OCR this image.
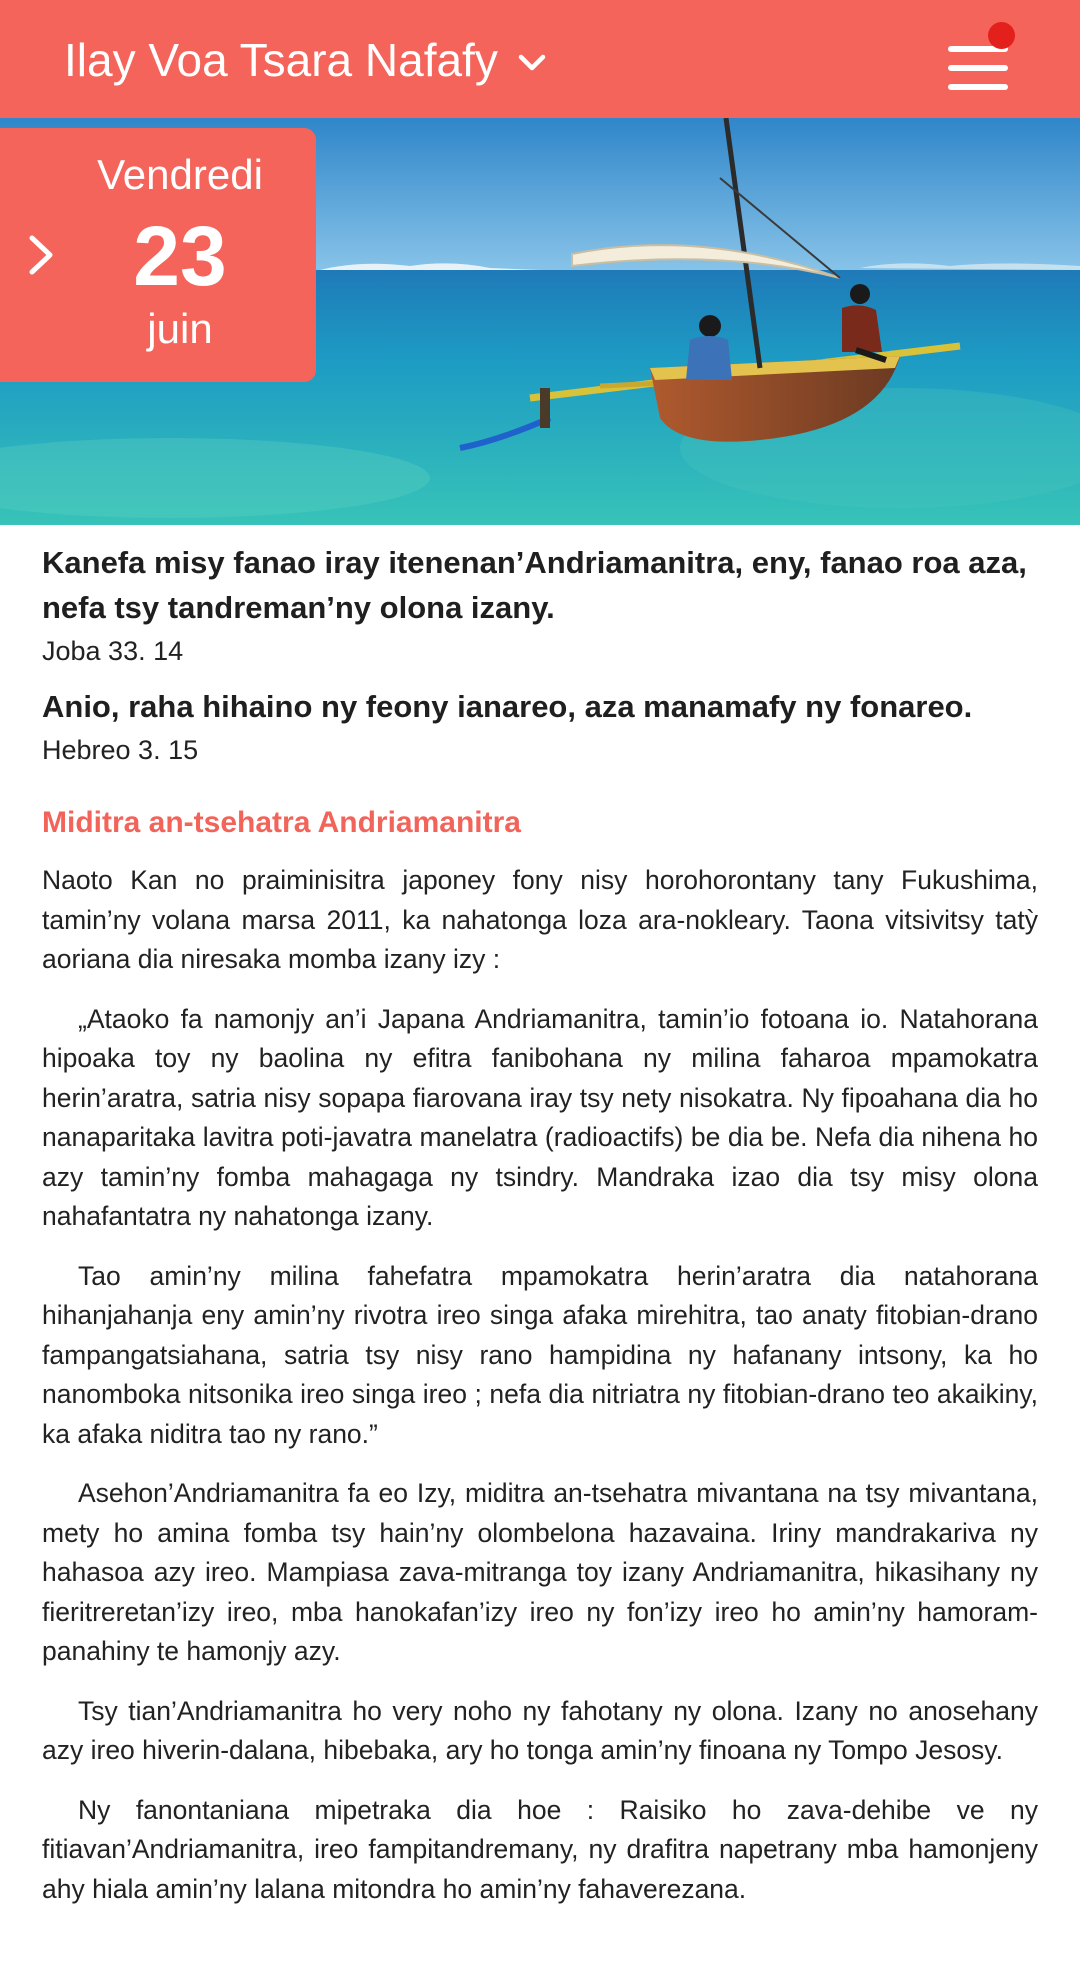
Ilay Voa Tsara Nafafy
Vendredi
23
juin

Kanefa misy fanao iray itenenan’Andriamanitra, eny, fanao roa aza, nefa tsy tandreman’ny olona izany.

Joba 33. 14

Anio, raha hihaino ny feony ianareo, aza manamafy ny fonareo.

Hebreo 3. 15
Miditra an-tsehatra Andriamanitra

Naoto Kan no praiminisitra japoney fony nisy horohorontany tany Fukushima, tamin’ny volana marsa 2011, ka nahatonga loza ara-nokleary. Taona vitsivitsy tatỳ aoriana dia niresaka momba izany izy :

„Ataoko fa namonjy an’i Japana Andriamanitra, tamin’io fotoana io. Natahorana hipoaka toy ny baolina ny efitra fanibohana ny milina faharoa mpamokatra herin’aratra, satria nisy sopapa fiarovana iray tsy nety nisokatra. Ny fipoahana dia ho nanaparitaka lavitra poti-javatra manelatra (radioactifs) be dia be. Nefa dia nihena ho azy tamin’ny fomba mahagaga ny tsindry. Mandraka izao dia tsy misy olona nahafantatra ny nahatonga izany.

Tao amin’ny milina fahefatra mpamokatra herin’aratra dia natahorana hihanjahanja eny amin’ny rivotra ireo singa afaka mirehitra, tao anaty fitobian-drano fampangatsiahana, satria tsy nisy rano hampidina ny hafanany intsony, ka ho nanomboka nitsonika ireo singa ireo ; nefa dia nitriatra ny fitobian-drano teo akaikiny, ka afaka niditra tao ny rano.”

Asehon’Andriamanitra fa eo Izy, miditra an-tsehatra mivantana na tsy mivantana, mety ho amina fomba tsy hain’ny olombelona hazavaina. Iriny mandrakariva ny hahasoa azy ireo. Mampiasa zava-mitranga toy izany Andriamanitra, hikasihany ny fieritreretan’izy ireo, mba hanokafan’izy ireo ny fon’izy ireo ho amin’ny hamoram-panahiny te hamonjy azy.

Tsy tian’Andriamanitra ho very noho ny fahotany ny olona. Izany no anosehany azy ireo hiverin-dalana, hibebaka, ary ho tonga amin’ny finoana ny Tompo Jesosy.

Ny fanontaniana mipetraka dia hoe : Raisiko ho zava-dehibe ve ny fitiavan’Andriamanitra, ireo fampitandremany, ny drafitra napetrany mba hamonjeny ahy hiala amin’ny lalana mitondra ho amin’ny fahaverezana.
